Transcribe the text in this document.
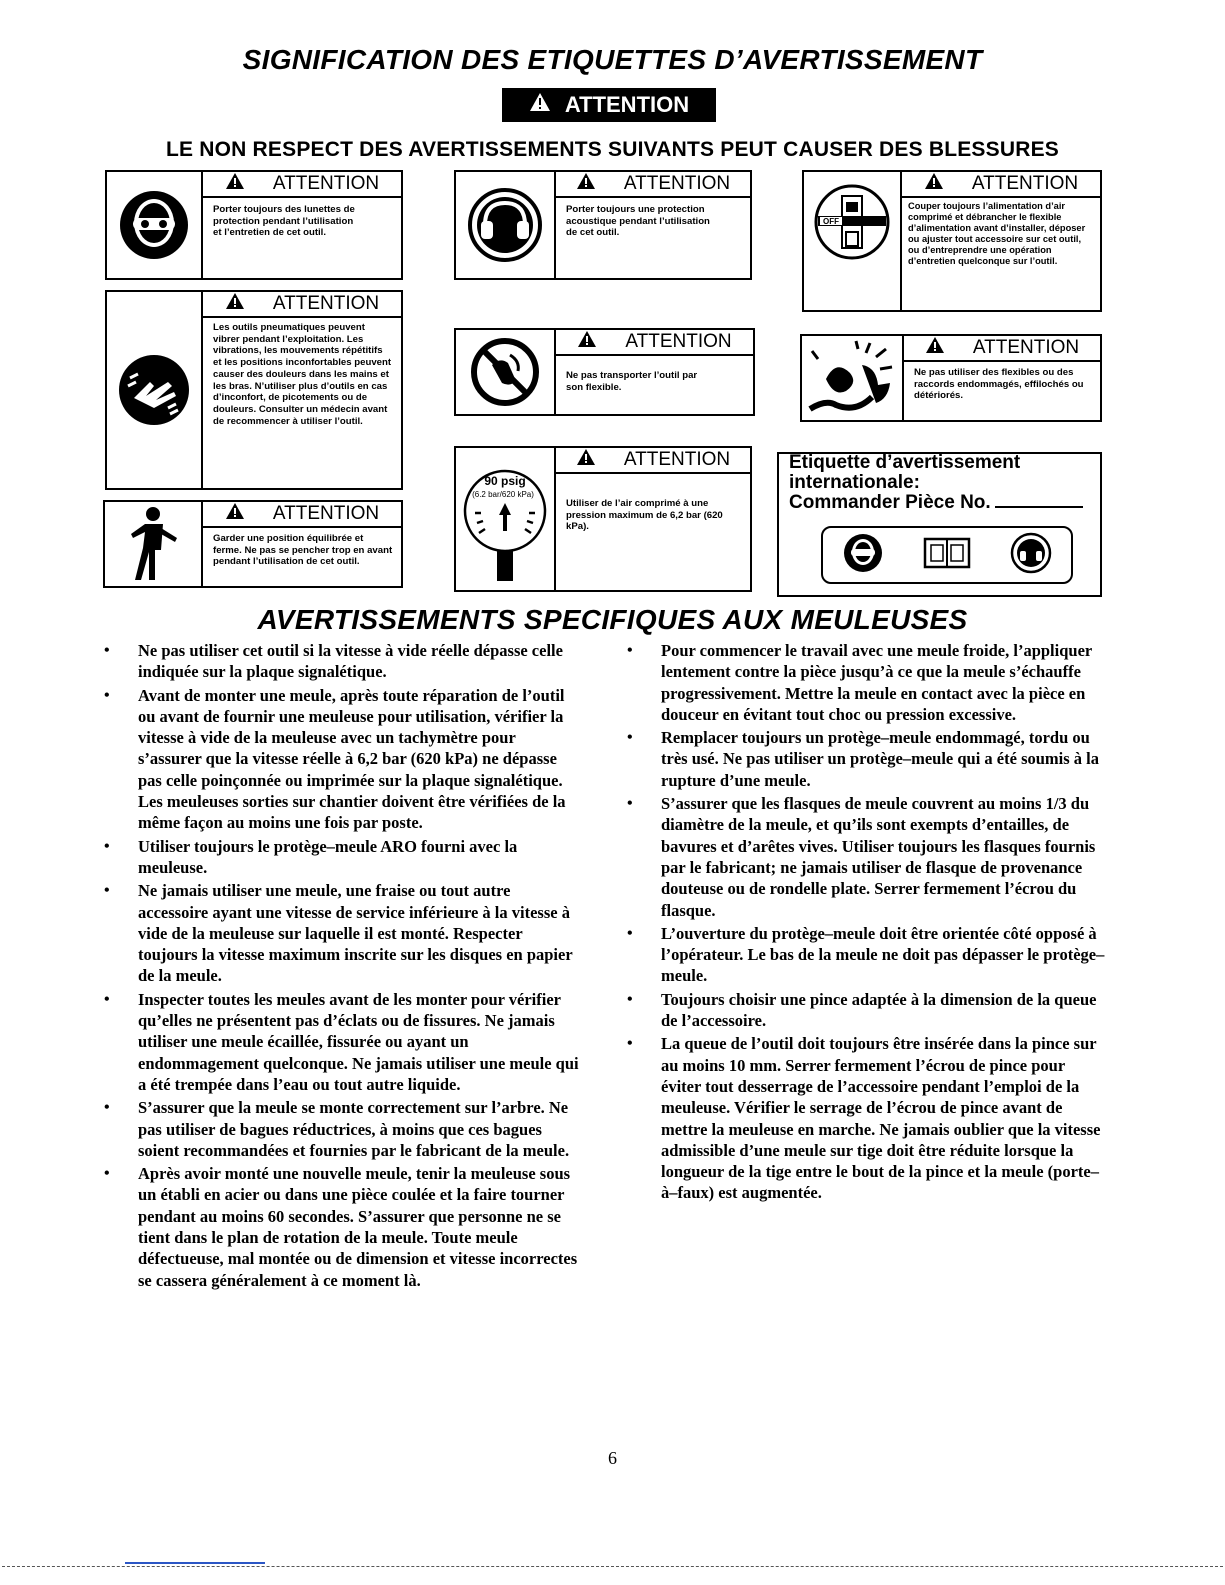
SIGNIFICATION DES ETIQUETTES D’AVERTISSEMENT
ATTENTION
LE NON RESPECT DES AVERTISSEMENTS SUIVANTS PEUT CAUSER DES BLESSURES
ATTENTION
Porter toujours des lunettes de protection pendant l’utilisation et l’entretien de cet outil.
ATTENTION
Porter toujours une protection acoustique pendant l’utilisation de cet outil.
OFF
ATTENTION
Couper toujours l’alimentation d’air comprimé et débrancher le flexible d’alimentation avant d’installer, déposer ou ajuster tout accessoire sur cet outil, ou d’entreprendre une opération d’entretien quelconque sur l’outil.
ATTENTION
Les outils pneumatiques peuvent vibrer pendant l’exploitation. Les vibrations, les mouvements répétitifs et les positions inconfortables peuvent causer des douleurs dans les mains et les bras. N’utiliser plus d’outils en cas d’inconfort, de picotements ou de douleurs. Consulter un médecin avant de recommencer à utiliser l’outil.
ATTENTION
Ne pas transporter l’outil par son flexible.
ATTENTION
Ne pas utiliser des flexibles ou des raccords endommagés, effilochés ou détériorés.
ATTENTION
Garder une position équilibrée et ferme. Ne pas se pencher trop en avant pendant l’utilisation de cet outil.
90 psig
(6.2 bar/620 kPa)
ATTENTION
Utiliser de l’air comprimé à une pression maximum de 6,2 bar (620 kPa).
Etiquette d’avertissement
internationale:
Commander Pièce No.
AVERTISSEMENTS SPECIFIQUES AUX MEULEUSES
• Ne pas utiliser cet outil si la vitesse à vide réelle dépasse celle indiquée sur la plaque signalétique.
• Avant de monter une meule, après toute réparation de l’outil ou avant de fournir une meuleuse pour utilisation, vérifier la vitesse à vide de la meuleuse avec un tachymètre pour s’assurer que la vitesse réelle à 6,2 bar (620 kPa) ne dépasse pas celle poinçonnée ou imprimée sur la plaque signalétique. Les meuleuses sorties sur chantier doivent être vérifiées de la même façon au moins une fois par poste.
• Utiliser toujours le protège–meule ARO fourni avec la meuleuse.
• Ne jamais utiliser une meule, une fraise ou tout autre accessoire ayant une vitesse de service inférieure à la vitesse à vide de la meuleuse sur laquelle il est monté. Respecter toujours la vitesse maximum inscrite sur les disques en papier de la meule.
• Inspecter toutes les meules avant de les monter pour vérifier qu’elles ne présentent pas d’éclats ou de fissures. Ne jamais utiliser une meule écaillée, fissurée ou ayant un endommagement quelconque. Ne jamais utiliser une meule qui a été trempée dans l’eau ou tout autre liquide.
• S’assurer que la meule se monte correctement sur l’arbre. Ne pas utiliser de bagues réductrices, à moins que ces bagues soient recommandées et fournies par le fabricant de la meule.
• Après avoir monté une nouvelle meule, tenir la meuleuse sous un établi en acier ou dans une pièce coulée et la faire tourner pendant au moins 60 secondes. S’assurer que personne ne se tient dans le plan de rotation de la meule. Toute meule défectueuse, mal montée ou de dimension et vitesse incorrectes se cassera généralement à ce moment là.
• Pour commencer le travail avec une meule froide, l’appliquer lentement contre la pièce jusqu’à ce que la meule s’échauffe progressivement. Mettre la meule en contact avec la pièce en douceur en évitant tout choc ou pression excessive.
• Remplacer toujours un protège–meule endommagé, tordu ou très usé. Ne pas utiliser un protège–meule qui a été soumis à la rupture d’une meule.
• S’assurer que les flasques de meule couvrent au moins 1/3 du diamètre de la meule, et qu’ils sont exempts d’entailles, de bavures et d’arêtes vives. Utiliser toujours les flasques fournis par le fabricant; ne jamais utiliser de flasque de provenance douteuse ou de rondelle plate. Serrer fermement l’écrou du flasque.
• L’ouverture du protège–meule doit être orientée côté opposé à l’opérateur. Le bas de la meule ne doit pas dépasser le protège–meule.
• Toujours choisir une pince adaptée à la dimension de la queue de l’accessoire.
• La queue de l’outil doit toujours être insérée dans la pince sur au moins 10 mm. Serrer fermement l’écrou de pince pour éviter tout desserrage de l’accessoire pendant l’emploi de la meuleuse. Vérifier le serrage de l’écrou de pince avant de mettre la meuleuse en marche. Ne jamais oublier que la vitesse admissible d’une meule sur tige doit être réduite lorsque la longueur de la tige entre le bout de la pince et la meule (porte–à–faux) est augmentée.
6
